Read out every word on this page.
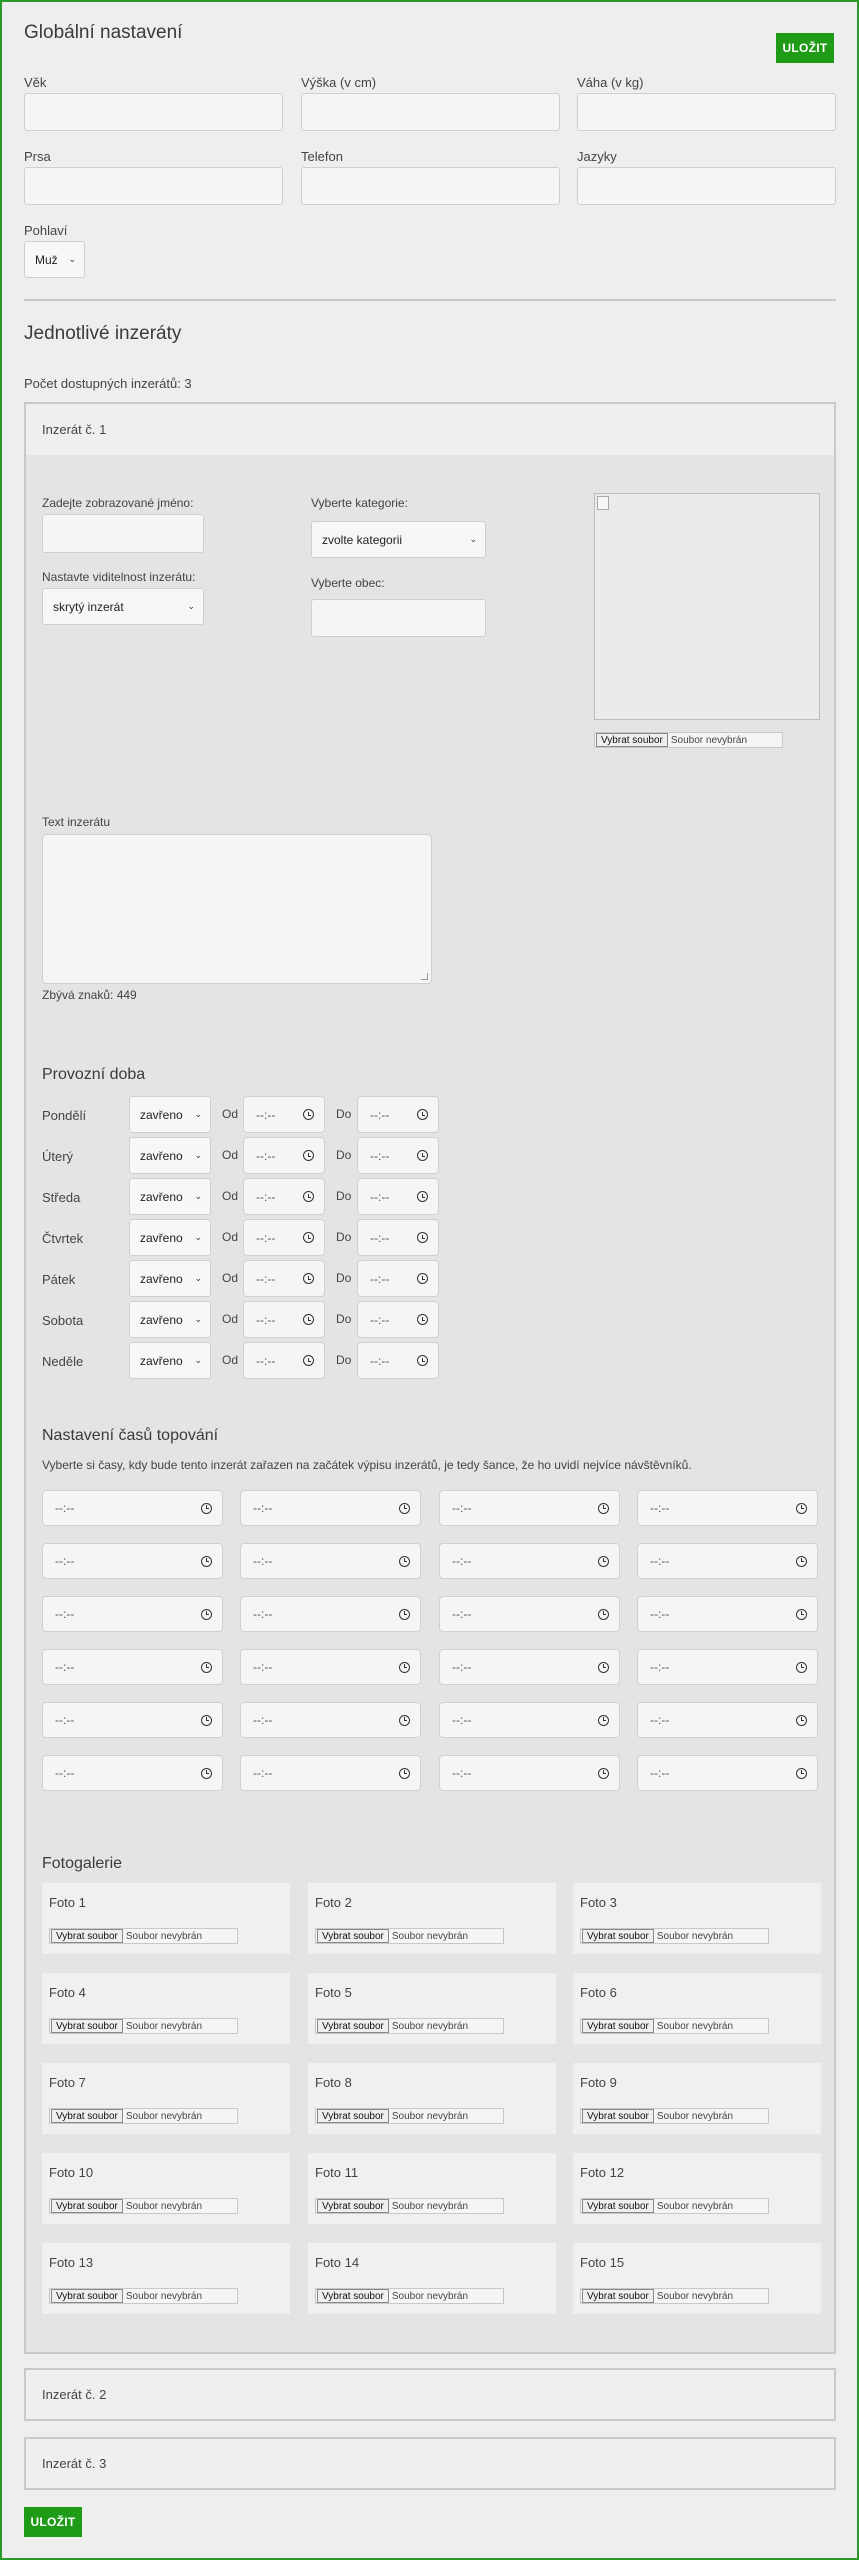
Globální nastavení
ULOŽIT
Věk	Výška (v cm)	Váha (v kg)
Prsa	Telefon	Jazyky
Pohlaví
Muž ⌄
Jednotlivé inzeráty
Počet dostupných inzerátů: 3
Inzerát č. 1
Zadejte zobrazované jméno:
Nastavte viditelnost inzerátu:
skrytý inzerát	⌄
Vyberte kategorie:
zvolte kategorii	⌄
Vyberte obec:
Vybrat soubor Soubor nevybrán
Text inzerátu
Zbývá znaků: 449
Provozní doba
Pondělí	zavřeno ⌄ Od --:--	Do --:--
Úterý	zavřeno ⌄ Od --:--	Do --:--
Středa	zavřeno ⌄ Od --:--	Do --:--
Čtvrtek	zavřeno ⌄ Od --:--	Do --:--
Pátek	zavřeno ⌄ Od --:--	Do --:--
Sobota	zavřeno ⌄ Od --:--	Do --:--
Neděle	zavřeno ⌄ Od --:--	Do --:--
Nastavení časů topování
Vyberte si časy, kdy bude tento inzerát zařazen na začátek výpisu inzerátů, je tedy šance, že ho uvidí nejvíce návštěvníků.
--:--	--:--	--:--	--:--
--:--	--:--	--:--	--:--
--:--	--:--	--:--	--:--
--:--	--:--	--:--	--:--
--:--	--:--	--:--	--:--
--:--	--:--	--:--	--:--
Fotogalerie
Foto 1
Vybrat soubor Soubor nevybrán
Foto 2
Vybrat soubor Soubor nevybrán
Foto 3
Vybrat soubor Soubor nevybrán
Foto 4
Vybrat soubor Soubor nevybrán
Foto 5
Vybrat soubor Soubor nevybrán
Foto 6
Vybrat soubor Soubor nevybrán
Foto 7
Vybrat soubor Soubor nevybrán
Foto 8
Vybrat soubor Soubor nevybrán
Foto 9
Vybrat soubor Soubor nevybrán
Foto 10
Vybrat soubor Soubor nevybrán
Foto 11
Vybrat soubor Soubor nevybrán
Foto 12
Vybrat soubor Soubor nevybrán
Foto 13
Vybrat soubor Soubor nevybrán
Foto 14
Vybrat soubor Soubor nevybrán
Foto 15
Vybrat soubor Soubor nevybrán
Inzerát č. 2
Inzerát č. 3
ULOŽIT
